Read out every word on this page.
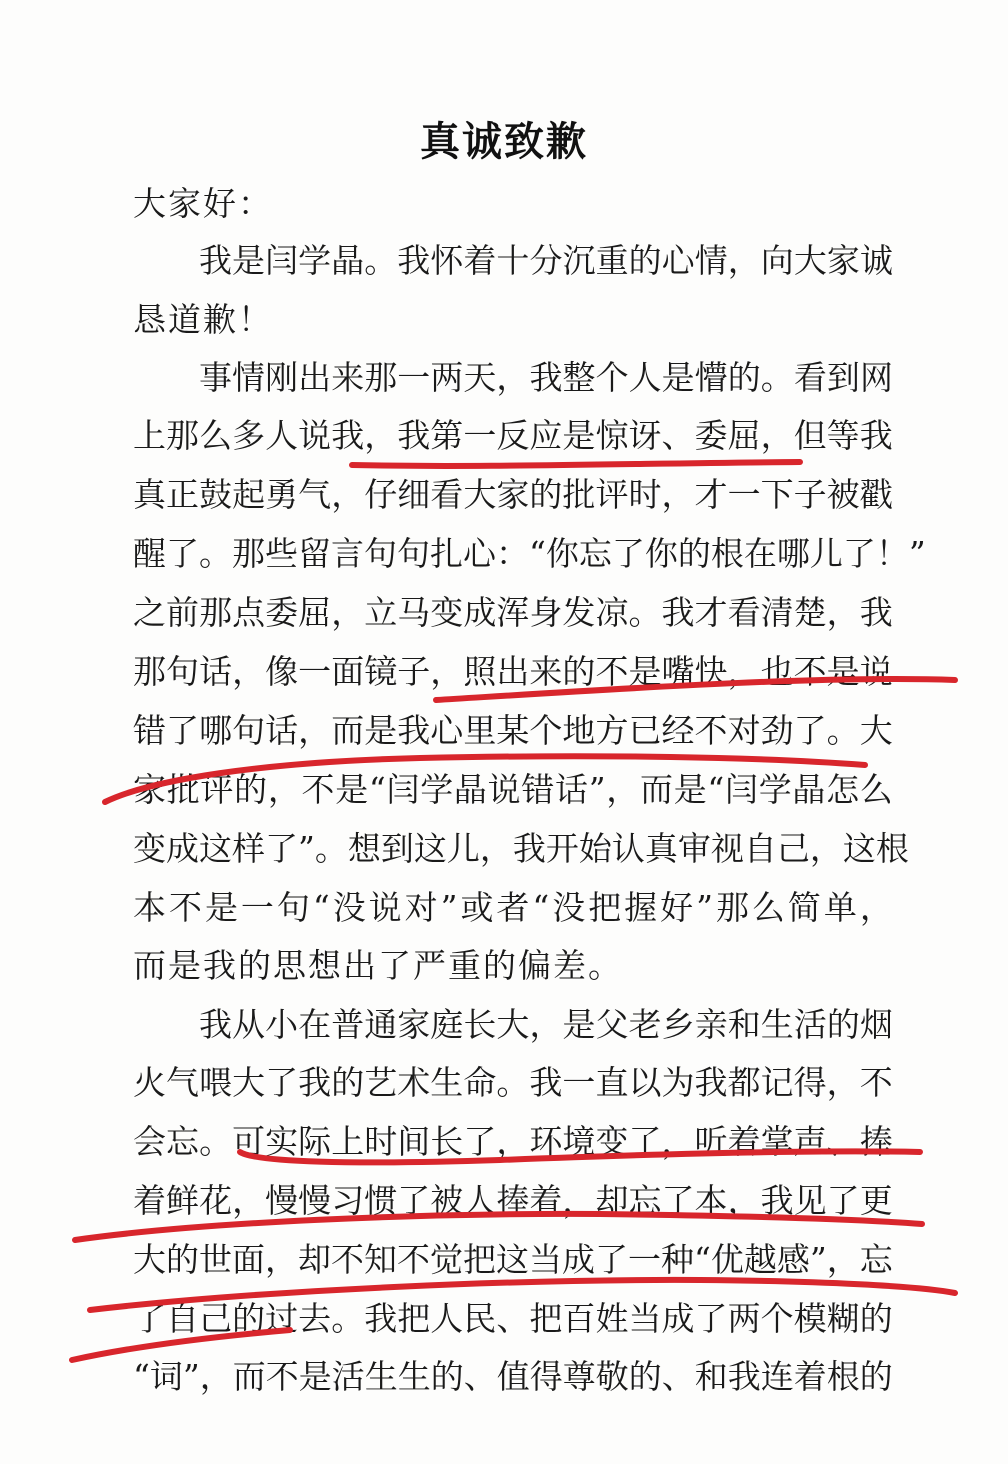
真诚致歉
大家好：
我 是 闫 学 晶 。 我 怀 着 十 分 沉 重 的 心 情 ， 向 大 家 诚
恳道歉！
事 情 刚 出 来 那 一 两 天 ， 我 整 个 人 是 懵 的 。 看 到 网
上 那 么 多 人 说 我 ， 我 第 一 反 应 是 惊 讶 、 委 屈 ， 但 等 我
真 正 鼓 起 勇 气 ， 仔 细 看 大 家 的 批 评 时 ， 才 一 下 子 被 戳
醒 了 。 那 些 留 言 句 句 扎 心 ： “ 你 忘 了 你 的 根 在 哪 儿 了 ！ ”
之 前 那 点 委 屈 ， 立 马 变 成 浑 身 发 凉 。 我 才 看 清 楚 ， 我
那 句 话 ， 像 一 面 镜 子 ， 照 出 来 的 不 是 嘴 快 ， 也 不 是 说
错 了 哪 句 话 ， 而 是 我 心 里 某 个 地 方 已 经 不 对 劲 了 。 大
家 批 评 的 ， 不 是 “ 闫 学 晶 说 错 话 ” ， 而 是 “ 闫 学 晶 怎 么
变 成 这 样 了 ” 。 想 到 这 儿 ， 我 开 始 认 真 审 视 自 己 ， 这 根
本 不 是 一 句 “ 没 说 对 ” 或 者 “ 没 把 握 好 ” 那 么 简 单 ，
而是我的思想出了严重的偏差。
我 从 小 在 普 通 家 庭 长 大 ， 是 父 老 乡 亲 和 生 活 的 烟
火 气 喂 大 了 我 的 艺 术 生 命 。 我 一 直 以 为 我 都 记 得 ， 不
会 忘 。 可 实 际 上 时 间 长 了 ， 环 境 变 了 ， 听 着 掌 声 、 捧
着 鲜 花 ， 慢 慢 习 惯 了 被 人 捧 着 ， 却 忘 了 本 ， 我 见 了 更
大 的 世 面 ， 却 不 知 不 觉 把 这 当 成 了 一 种 “ 优 越 感 ” ， 忘
了 自 己 的 过 去 。 我 把 人 民 、 把 百 姓 当 成 了 两 个 模 糊 的
“ 词 ” ， 而 不 是 活 生 生 的 、 值 得 尊 敬 的 、 和 我 连 着 根 的
